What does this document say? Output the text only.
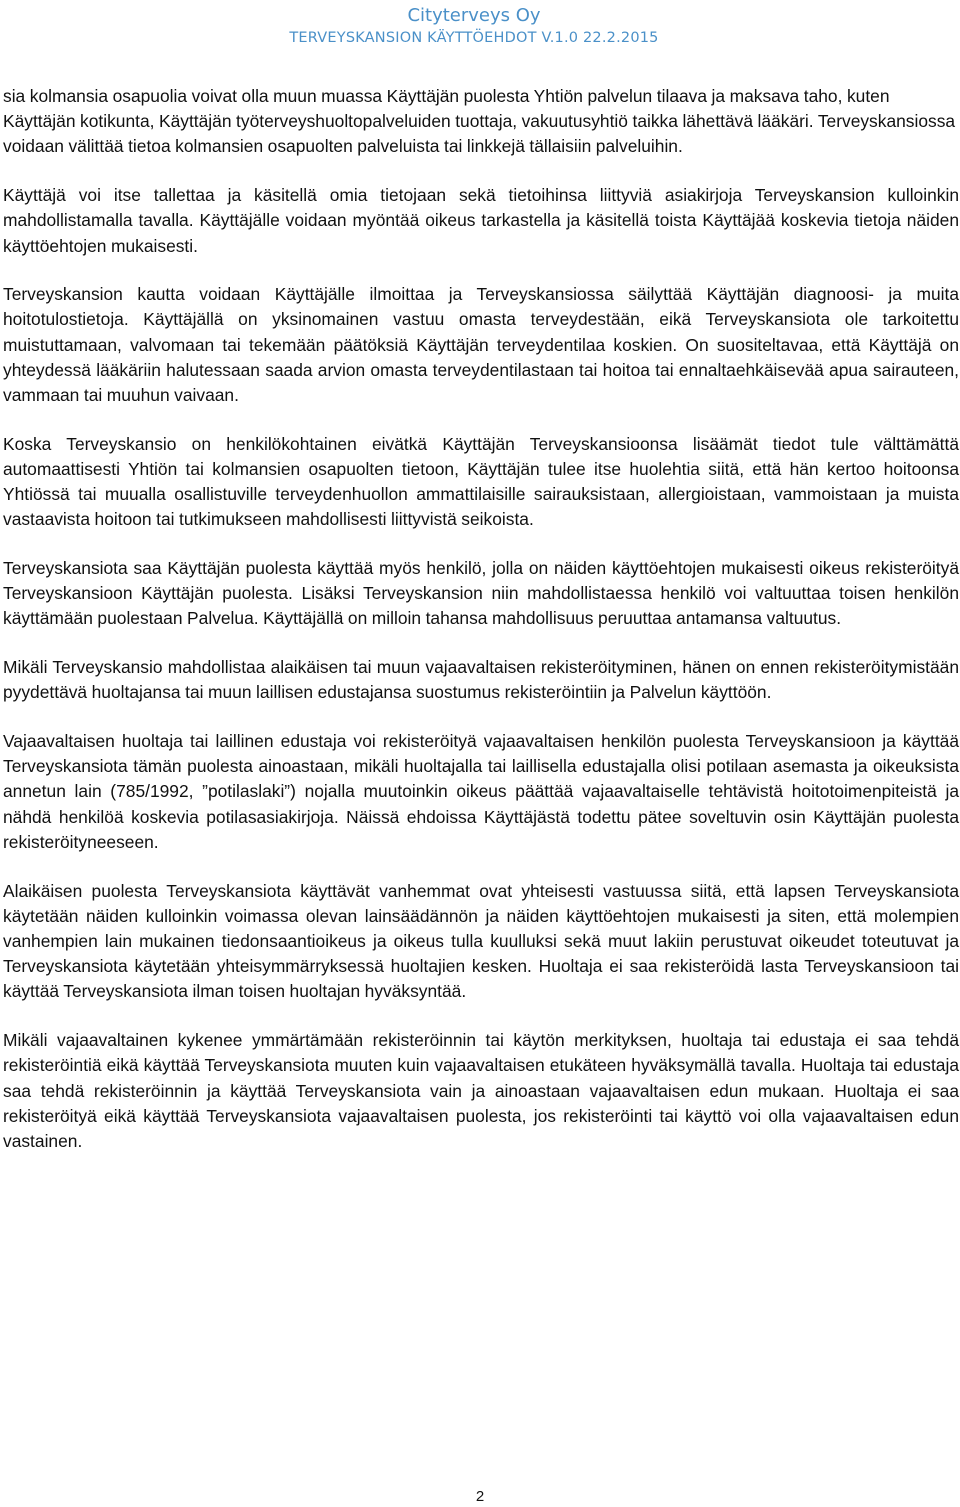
Cityterveys Oy
TERVEYSKANSION KÄYTTÖEHDOT V.1.0 22.2.2015

sia kolmansia osapuolia voivat olla muun muassa Käyttäjän puolesta Yhtiön palvelun tilaava ja maksava taho, kuten Käyttäjän kotikunta, Käyttäjän työterveyshuoltopalveluiden tuottaja, vakuutusyhtiö taikka lähettävä lääkäri. Terveyskansiossa voidaan välittää tietoa kolmansien osapuolten palveluista tai linkkejä tällaisiin palveluihin.

Käyttäjä voi itse tallettaa ja käsitellä omia tietojaan sekä tietoihinsa liittyviä asiakirjoja Terveyskansion kulloinkin mahdollistamalla tavalla. Käyttäjälle voidaan myöntää oikeus tarkastella ja käsitellä toista Käyttäjää koskevia tietoja näiden käyttöehtojen mukaisesti.

Terveyskansion kautta voidaan Käyttäjälle ilmoittaa ja Terveyskansiossa säilyttää Käyttäjän diagnoosi- ja muita hoitotulostietoja. Käyttäjällä on yksinomainen vastuu omasta terveydestään, eikä Terveyskansiota ole tarkoitettu muistuttamaan, valvomaan tai tekemään päätöksiä Käyttäjän terveydentilaa koskien. On suositeltavaa, että Käyttäjä on yhteydessä lääkäriin halutessaan saada arvion omasta terveydentilastaan tai hoitoa tai ennaltaehkäisevää apua sairauteen, vammaan tai muuhun vaivaan.

Koska Terveyskansio on henkilökohtainen eivätkä Käyttäjän Terveyskansioonsa lisäämät tiedot tule välttämättä automaattisesti Yhtiön tai kolmansien osapuolten tietoon, Käyttäjän tulee itse huolehtia siitä, että hän kertoo hoitoonsa Yhtiössä tai muualla osallistuville terveydenhuollon ammattilaisille sairauksistaan, allergioistaan, vammoistaan ja muista vastaavista hoitoon tai tutkimukseen mahdollisesti liittyvistä seikoista.

Terveyskansiota saa Käyttäjän puolesta käyttää myös henkilö, jolla on näiden käyttöehtojen mukaisesti oikeus rekisteröityä Terveyskansioon Käyttäjän puolesta. Lisäksi Terveyskansion niin mahdollistaessa henkilö voi valtuuttaa toisen henkilön käyttämään puolestaan Palvelua. Käyttäjällä on milloin tahansa mahdollisuus peruuttaa antamansa valtuutus.

Mikäli Terveyskansio mahdollistaa alaikäisen tai muun vajaavaltaisen rekisteröityminen, hänen on ennen rekisteröitymistään pyydettävä huoltajansa tai muun laillisen edustajansa suostumus rekisteröintiin ja Palvelun käyttöön.

Vajaavaltaisen huoltaja tai laillinen edustaja voi rekisteröityä vajaavaltaisen henkilön puolesta Terveyskansioon ja käyttää Terveyskansiota tämän puolesta ainoastaan, mikäli huoltajalla tai laillisella edustajalla olisi potilaan asemasta ja oikeuksista annetun lain (785/1992, ”potilaslaki”) nojalla muutoinkin oikeus päättää vajaavaltaiselle tehtävistä hoitotoimenpiteistä ja nähdä henkilöä koskevia potilasasiakirjoja. Näissä ehdoissa Käyttäjästä todettu pätee soveltuvin osin Käyttäjän puolesta rekisteröityneeseen.

Alaikäisen puolesta Terveyskansiota käyttävät vanhemmat ovat yhteisesti vastuussa siitä, että lapsen Terveyskansiota käytetään näiden kulloinkin voimassa olevan lainsäädännön ja näiden käyttöehtojen mukaisesti ja siten, että molempien vanhempien lain mukainen tiedonsaantioikeus ja oikeus tulla kuulluksi sekä muut lakiin perustuvat oikeudet toteutuvat ja Terveyskansiota käytetään yhteisymmärryksessä huoltajien kesken. Huoltaja ei saa rekisteröidä lasta Terveyskansioon tai käyttää Terveyskansiota ilman toisen huoltajan hyväksyntää.

Mikäli vajaavaltainen kykenee ymmärtämään rekisteröinnin tai käytön merkityksen, huoltaja tai edustaja ei saa tehdä rekisteröintiä eikä käyttää Terveyskansiota muuten kuin vajaavaltaisen etukäteen hyväksymällä tavalla. Huoltaja tai edustaja saa tehdä rekisteröinnin ja käyttää Terveyskansiota vain ja ainoastaan vajaavaltaisen edun mukaan. Huoltaja ei saa rekisteröityä eikä käyttää Terveyskansiota vajaavaltaisen puolesta, jos rekisteröinti tai käyttö voi olla vajaavaltaisen edun vastainen.

2
